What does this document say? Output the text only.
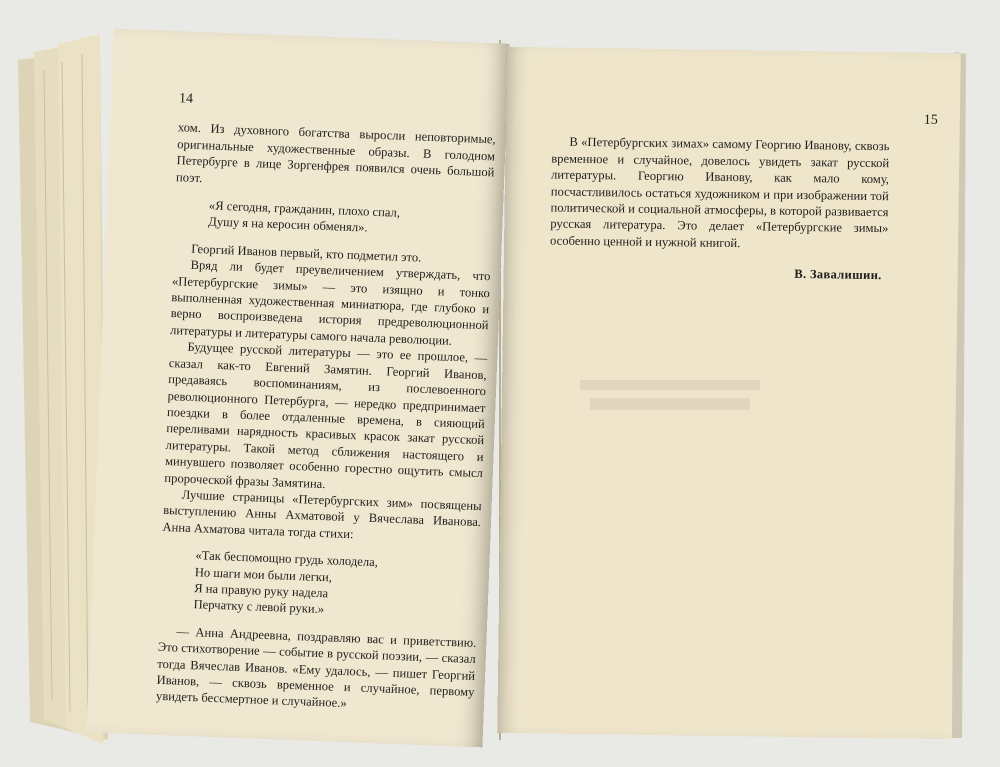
14

хом. Из духовного богатства выросли неповторимые, оригинальные художественные образы. В голодном Петербурге в лице Зоргенфрея появился очень большой поэт.

«Я сегодня, гражданин, плохо спал,
Душу я на керосин обменял».

Георгий Иванов первый, кто подметил это.

Вряд ли будет преувеличением утверждать, что «Петербургские зимы» — это изящно и тонко выполненная художественная миниатюра, где глубоко и верно воспроизведена история предреволюционной литературы и литературы самого начала революции.

Будущее русской литературы — это ее прошлое, — сказал как-то Евгений Замятин. Георгий Иванов, предаваясь воспоминаниям, из послевоенного революционного Петербурга, — нередко предпринимает поездки в более отдаленные времена, в сияющий переливами нарядность красивых красок закат русской литературы. Такой метод сближения настоящего и минувшего позволяет особенно горестно ощутить смысл пророческой фразы Замятина.

Лучшие страницы «Петербургских зим» посвящены выступлению Анны Ахматовой у Вячеслава Иванова. Анна Ахматова читала тогда стихи:

«Так беспомощно грудь холодела,
Но шаги мои были легки,
Я на правую руку надела
Перчатку с левой руки.»

— Анна Андреевна, поздравляю вас и приветствию. Это стихотворение — событие в русской поэзии, — сказал тогда Вячеслав Иванов. «Ему удалось, — пишет Георгий Иванов, — сквозь временное и случайное, первому увидеть бессмертное и случайное.»

15

В «Петербургских зимах» самому Георгию Иванову, сквозь временное и случайное, довелось увидеть закат русской литературы. Георгию Иванову, как мало кому, посчастливилось остаться художником и при изображении той политической и социальной атмосферы, в которой развивается русская литература. Это делает «Петербургские зимы» особенно ценной и нужной книгой.

В. Завалишин.
